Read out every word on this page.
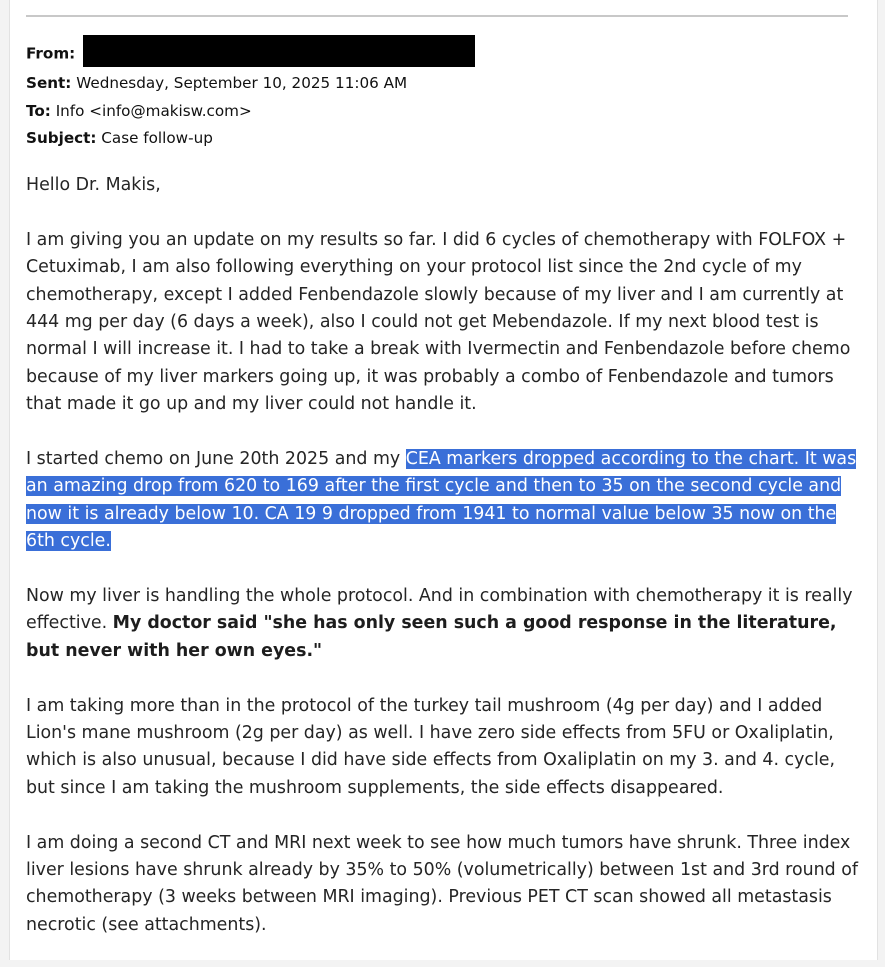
From:
Sent: Wednesday, September 10, 2025 11:06 AM
To: Info <info@makisw.com>
Subject: Case follow-up

Hello Dr. Makis,

I am giving you an update on my results so far. I did 6 cycles of chemotherapy with FOLFOX + Cetuximab, I am also following everything on your protocol list since the 2nd cycle of my chemotherapy, except I added Fenbendazole slowly because of my liver and I am currently at 444 mg per day (6 days a week), also I could not get Mebendazole. If my next blood test is normal I will increase it. I had to take a break with Ivermectin and Fenbendazole before chemo because of my liver markers going up, it was probably a combo of Fenbendazole and tumors that made it go up and my liver could not handle it.

I started chemo on June 20th 2025 and my CEA markers dropped according to the chart. It was an amazing drop from 620 to 169 after the first cycle and then to 35 on the second cycle and now it is already below 10. CA 19 9 dropped from 1941 to normal value below 35 now on the 6th cycle.

Now my liver is handling the whole protocol. And in combination with chemotherapy it is really effective. My doctor said "she has only seen such a good response in the literature, but never with her own eyes."

I am taking more than in the protocol of the turkey tail mushroom (4g per day) and I added Lion's mane mushroom (2g per day) as well. I have zero side effects from 5FU or Oxaliplatin, which is also unusual, because I did have side effects from Oxaliplatin on my 3. and 4. cycle, but since I am taking the mushroom supplements, the side effects disappeared.

I am doing a second CT and MRI next week to see how much tumors have shrunk. Three index liver lesions have shrunk already by 35% to 50% (volumetrically) between 1st and 3rd round of chemotherapy (3 weeks between MRI imaging). Previous PET CT scan showed all metastasis necrotic (see attachments).
